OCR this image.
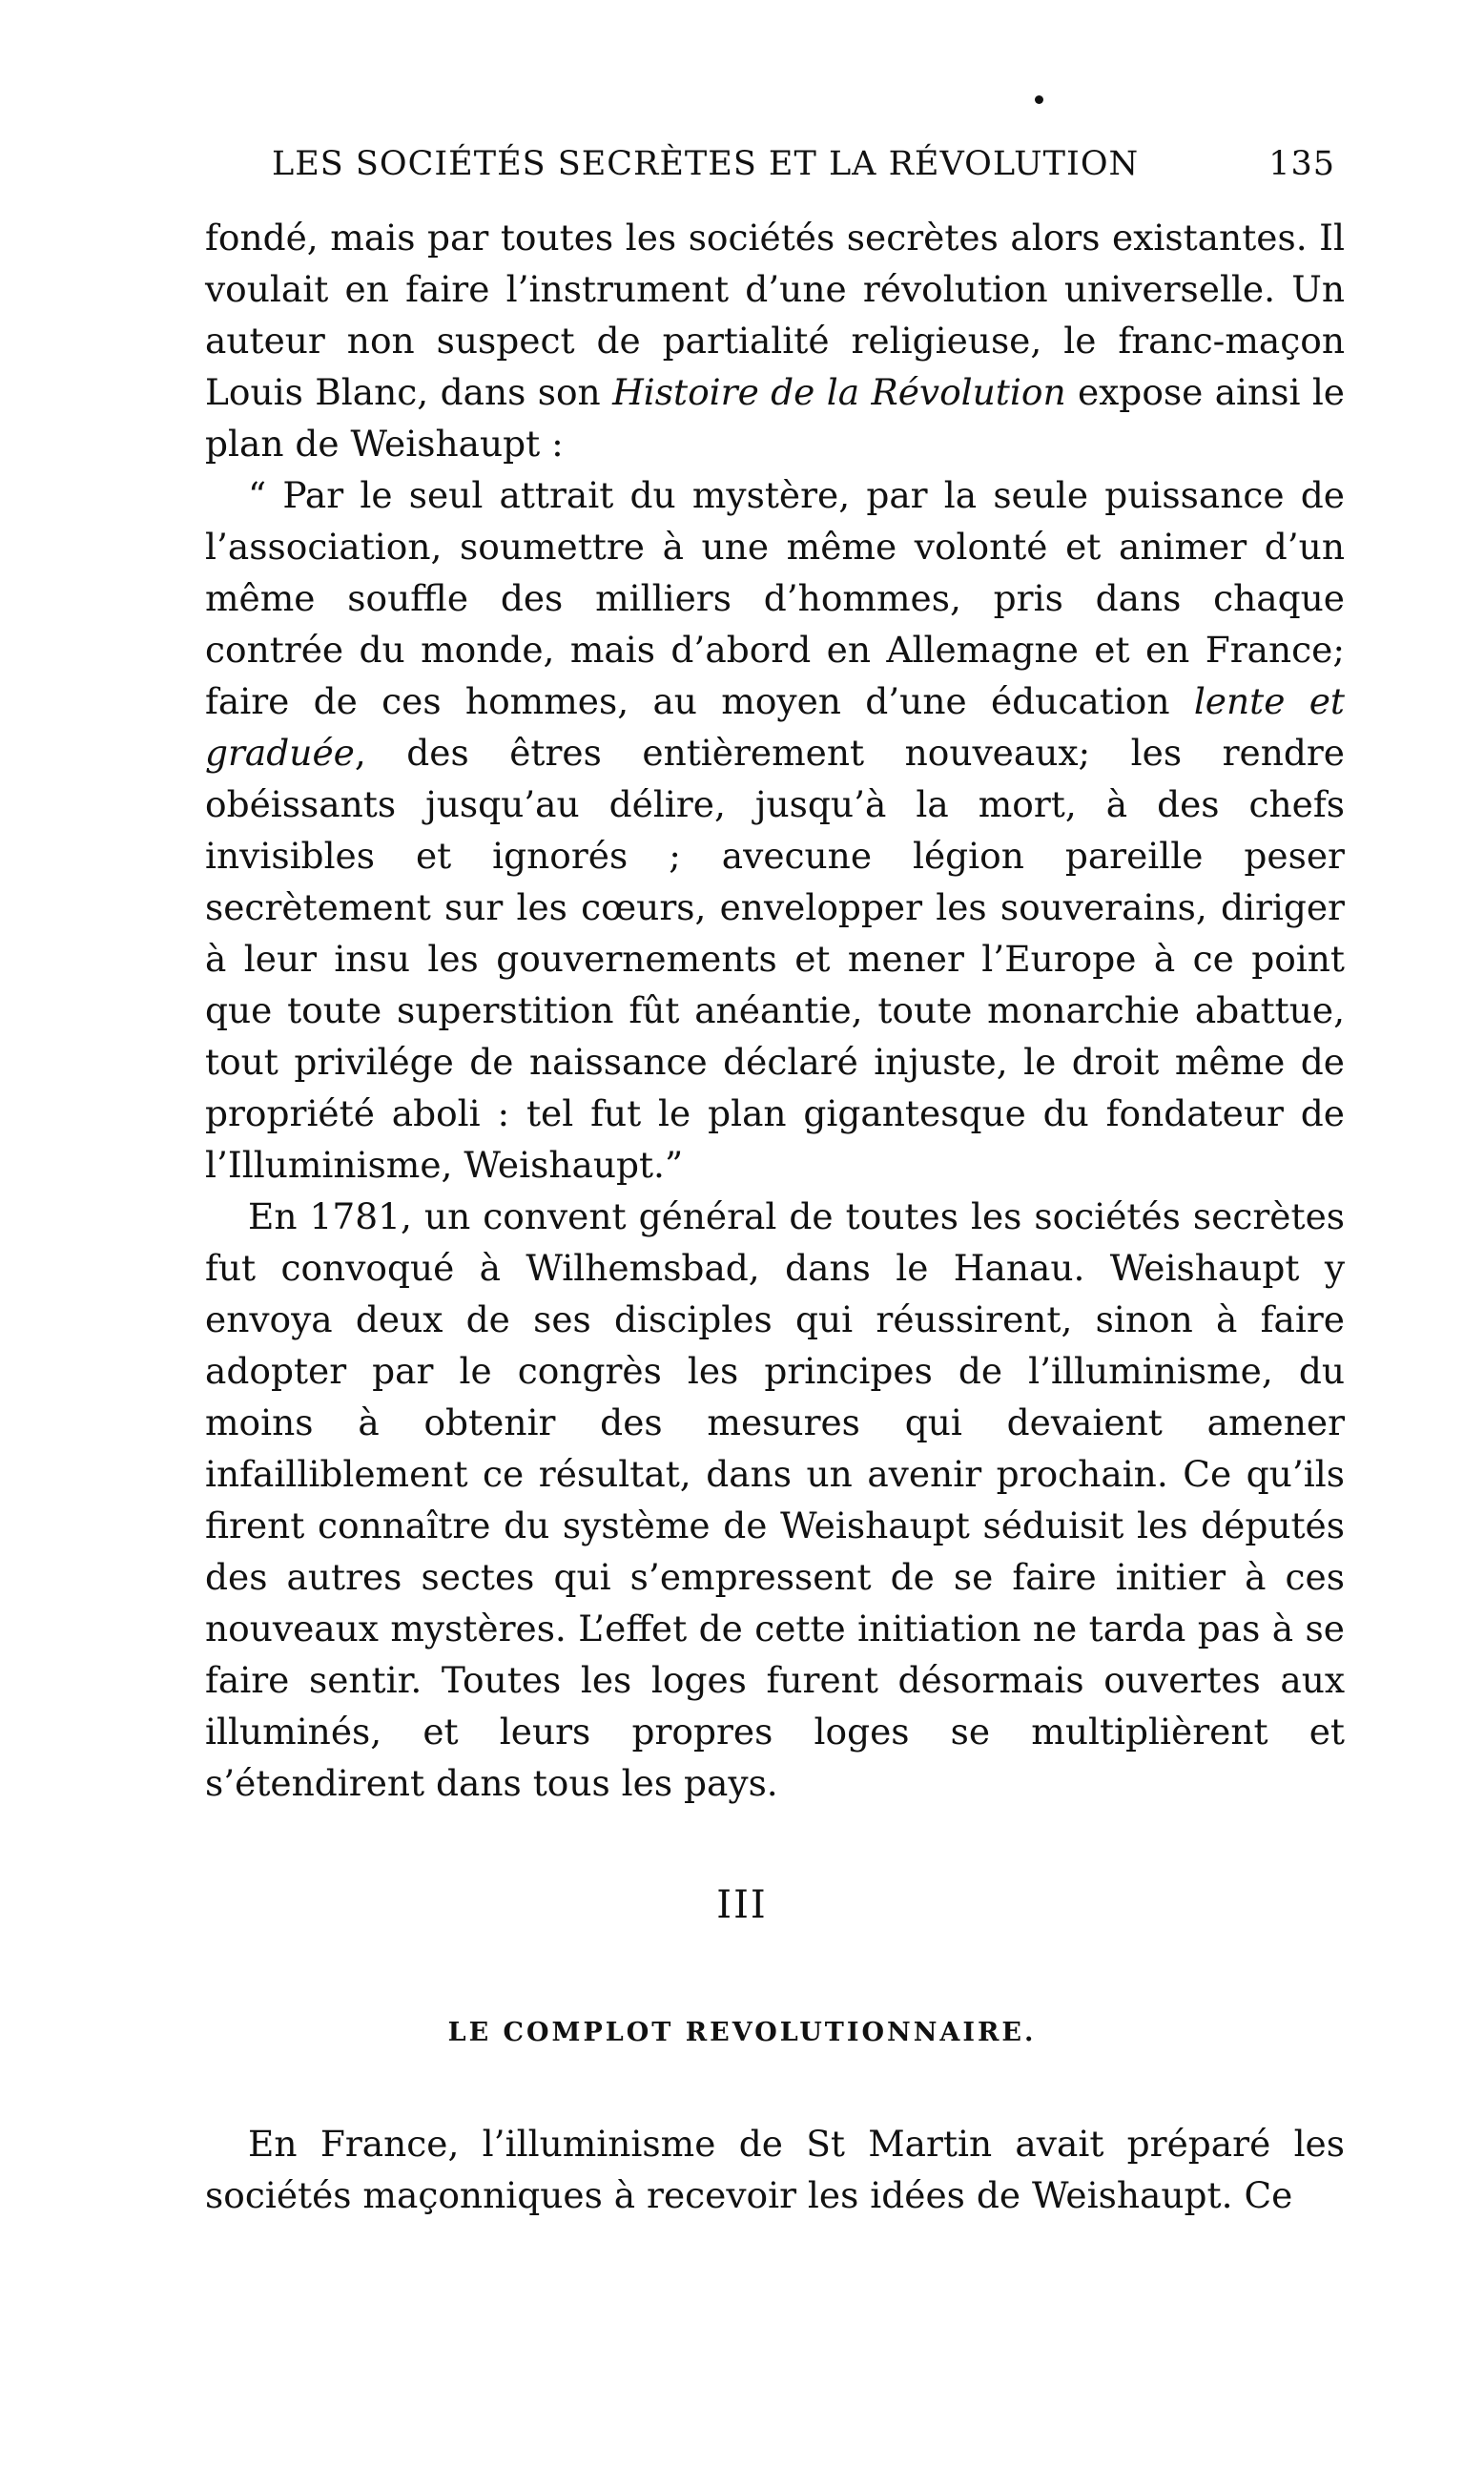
LES SOCIÉTÉS SECRÈTES ET LA RÉVOLUTION	135

fondé, mais par toutes les sociétés secrètes alors existantes. Il voulait en faire l’instrument d’une révolution universelle. Un auteur non suspect de partialité religieuse, le franc-maçon Louis Blanc, dans son Histoire de la Révolution expose ainsi le plan de Weishaupt :

“ Par le seul attrait du mystère, par la seule puissance de l’association, soumettre à une même volonté et animer d’un même souffle des milliers d’hommes, pris dans chaque contrée du monde, mais d’abord en Allemagne et en France; faire de ces hommes, au moyen d’une éducation lente et graduée, des êtres entièrement nouveaux; les rendre obéissants jusqu’au délire, jusqu’à la mort, à des chefs invisibles et ignorés ; avecune légion pareille peser secrètement sur les cœurs, envelopper les souverains, diriger à leur insu les gouvernements et mener l’Europe à ce point que toute superstition fût anéantie, toute monarchie abattue, tout privilége de naissance déclaré injuste, le droit même de propriété aboli : tel fut le plan gigantesque du fondateur de l’Illuminisme, Weishaupt.”

En 1781, un convent général de toutes les sociétés secrètes fut convoqué à Wilhemsbad, dans le Hanau. Weishaupt y envoya deux de ses disciples qui réussirent, sinon à faire adopter par le congrès les principes de l’illuminisme, du moins à obtenir des mesures qui devaient amener infailliblement ce résultat, dans un avenir prochain. Ce qu’ils firent connaître du système de Weishaupt séduisit les députés des autres sectes qui s’empressent de se faire initier à ces nouveaux mystères. L’effet de cette initiation ne tarda pas à se faire sentir. Toutes les loges furent désormais ouvertes aux illuminés, et leurs propres loges se multiplièrent et s’étendirent dans tous les pays.

III
LE COMPLOT REVOLUTIONNAIRE.

En France, l’illuminisme de St Martin avait préparé les sociétés maçonniques à recevoir les idées de Weishaupt. Ce
